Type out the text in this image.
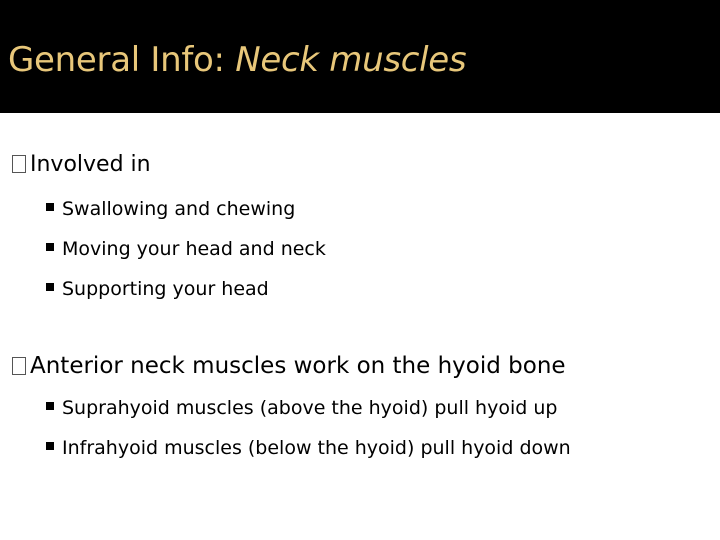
General Info: Neck muscles
Involved in
Swallowing and chewing
Moving your head and neck
Supporting your head
Anterior neck muscles work on the hyoid bone
Suprahyoid muscles (above the hyoid) pull hyoid up
Infrahyoid muscles (below the hyoid) pull hyoid down
